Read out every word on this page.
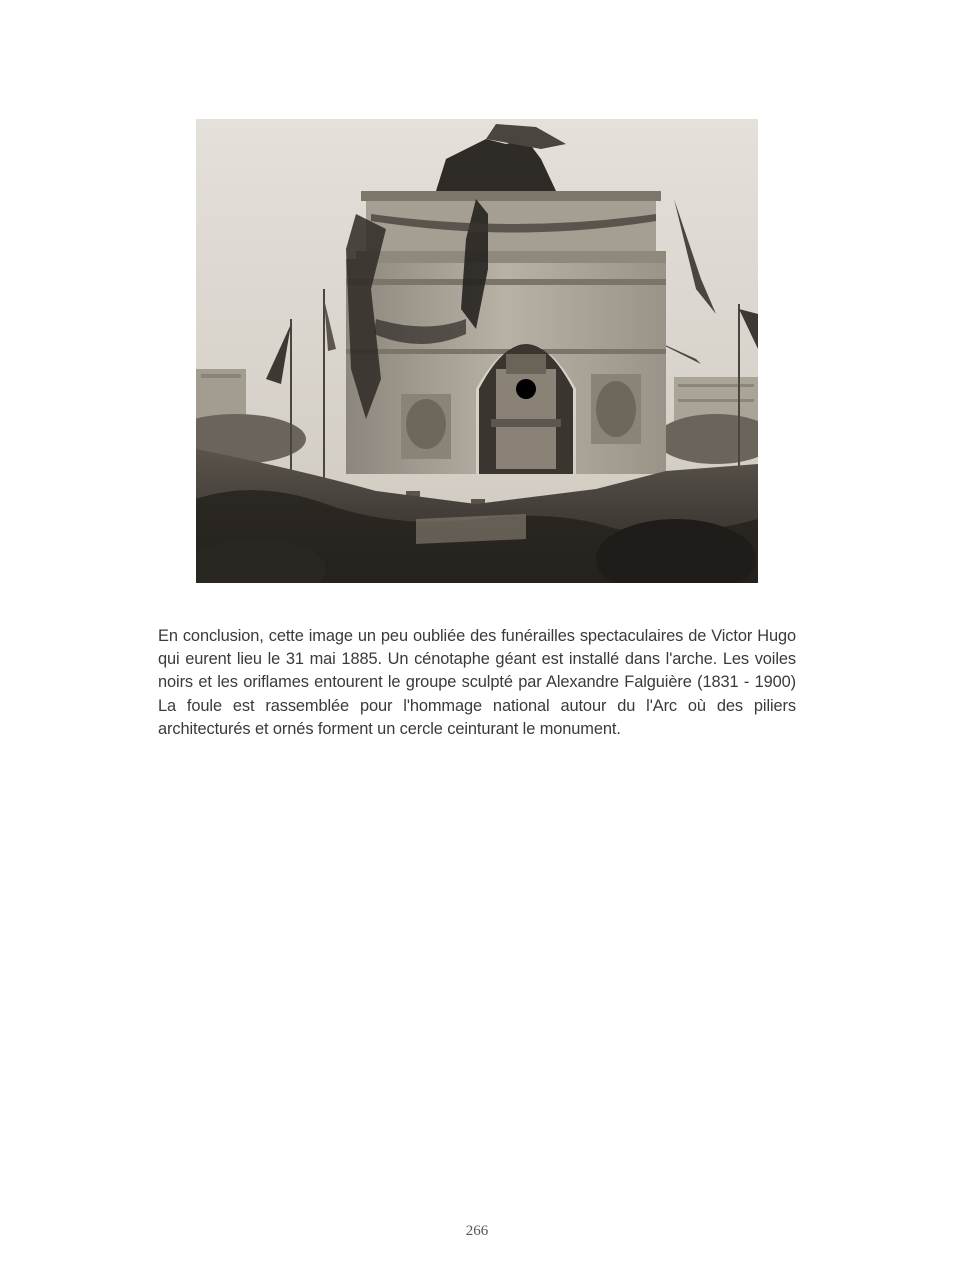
En conclusion, cette image un peu oubliée des funérailles spectaculaires de Victor Hugo qui eurent lieu le 31 mai 1885. Un cénotaphe géant est installé dans l'arche. Les voiles noirs et les oriflames entourent le groupe sculpté par Alexandre Falguière (1831 - 1900) La foule est rassemblée pour l'hommage national autour du l'Arc où des piliers architecturés et ornés forment un cercle ceinturant le monument.

266
